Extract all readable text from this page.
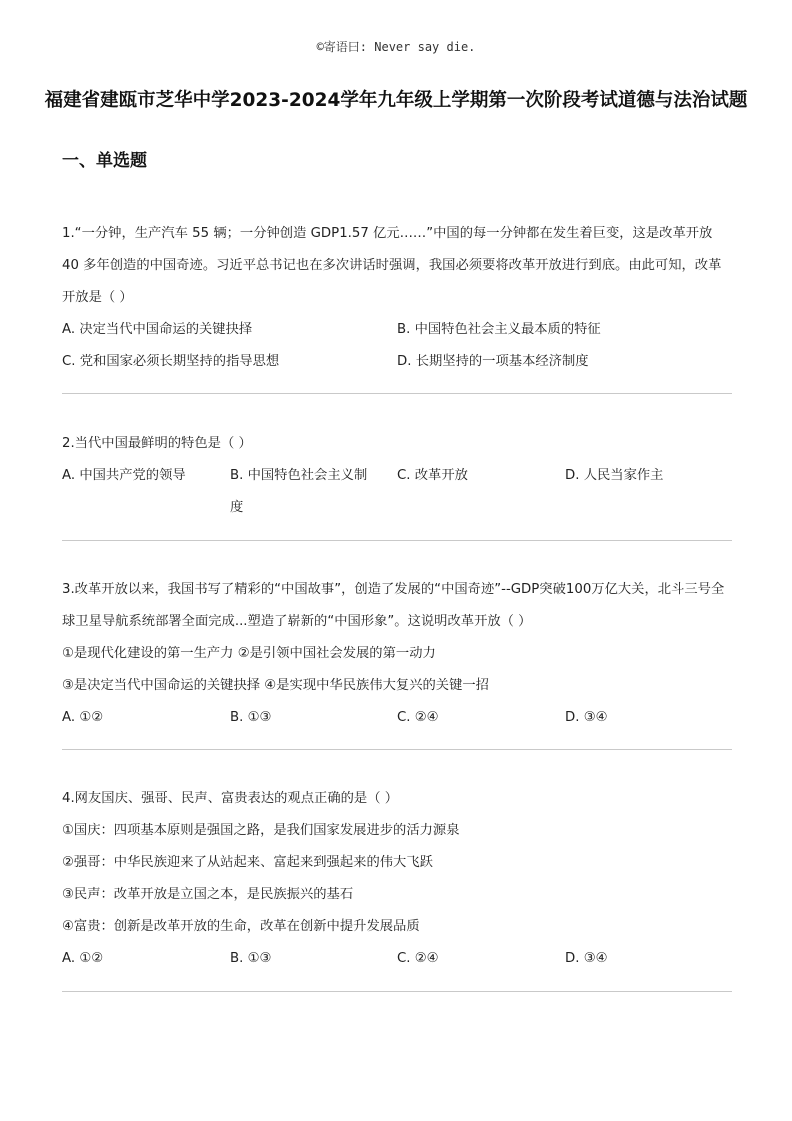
©寄语曰: Never say die.
福建省建瓯市芝华中学2023-2024学年九年级上学期第一次阶段考试道德与法治试题
一、单选题

1.“一分钟，生产汽车 55 辆；一分钟创造 GDP1.57 亿元……”中国的每一分钟都在发生着巨变，这是改革开放 40 多年创造的中国奇迹。习近平总书记也在多次讲话时强调，我国必须要将改革开放进行到底。由此可知，改革开放是（ ）

A. 决定当代中国命运的关键抉择	B. 中国特色社会主义最本质的特征
C. 党和国家必须长期坚持的指导思想	D. 长期坚持的一项基本经济制度

2.当代中国最鲜明的特色是（ ）

A. 中国共产党的领导	B. 中国特色社会主义制度
C. 改革开放	D. 人民当家作主

3.改革开放以来，我国书写了精彩的“中国故事”，创造了发展的“中国奇迹”--GDP突破100万亿大关，北斗三号全球卫星导航系统部署全面完成...塑造了崭新的“中国形象”。这说明改革开放（ ）

①是现代化建设的第一生产力 ②是引领中国社会发展的第一动力

③是决定当代中国命运的关键抉择 ④是实现中华民族伟大复兴的关键一招

A. ①②	B. ①③	C. ②④	D. ③④

4.网友国庆、强哥、民声、富贵表达的观点正确的是（ ）

①国庆：四项基本原则是强国之路，是我们国家发展进步的活力源泉

②强哥：中华民族迎来了从站起来、富起来到强起来的伟大飞跃

③民声：改革开放是立国之本，是民族振兴的基石

④富贵：创新是改革开放的生命，改革在创新中提升发展品质

A. ①②	B. ①③	C. ②④	D. ③④
